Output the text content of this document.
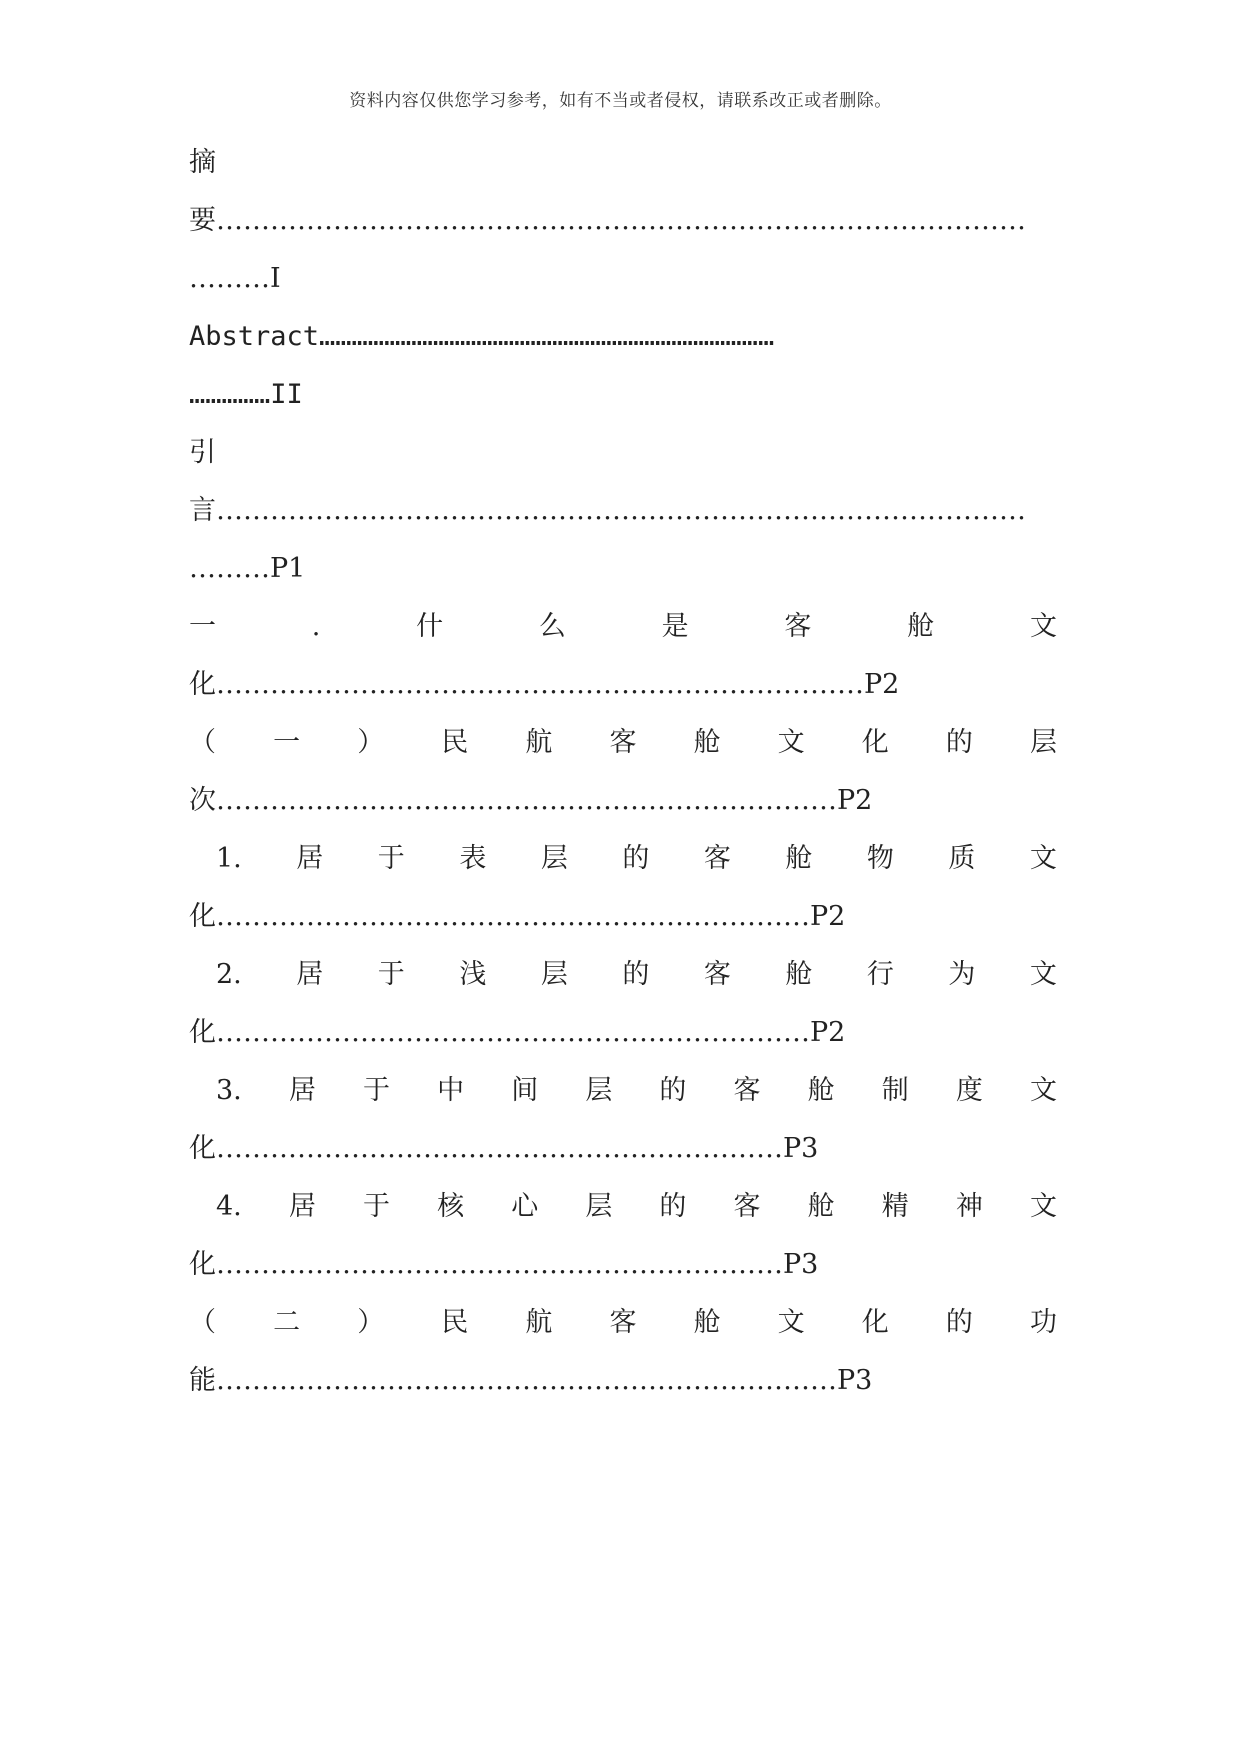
资料内容仅供您学习参考，如有不当或者侵权，请联系改正或者删除。
摘
要………………………………………………………………………………
………I
Abstract…………………………………………………………………………
……………II
引
言………………………………………………………………………………
………P1
一	.	什	么	是	客	舱	文
化………………………………………………………………P2
（ 一 ） 民 航 客 舱 文 化 的 层
次……………………………………………………………P2
1. 居 于 表 层 的 客 舱 物 质 文
化…………………………………………………………P2
2. 居 于 浅 层 的 客 舱 行 为 文
化…………………………………………………………P2
3. 居 于 中 间 层 的 客 舱 制 度 文
化………………………………………………………P3
4. 居 于 核 心 层 的 客 舱 精 神 文
化………………………………………………………P3
（ 二 ） 民 航 客 舱 文 化 的 功
能……………………………………………………………P3
